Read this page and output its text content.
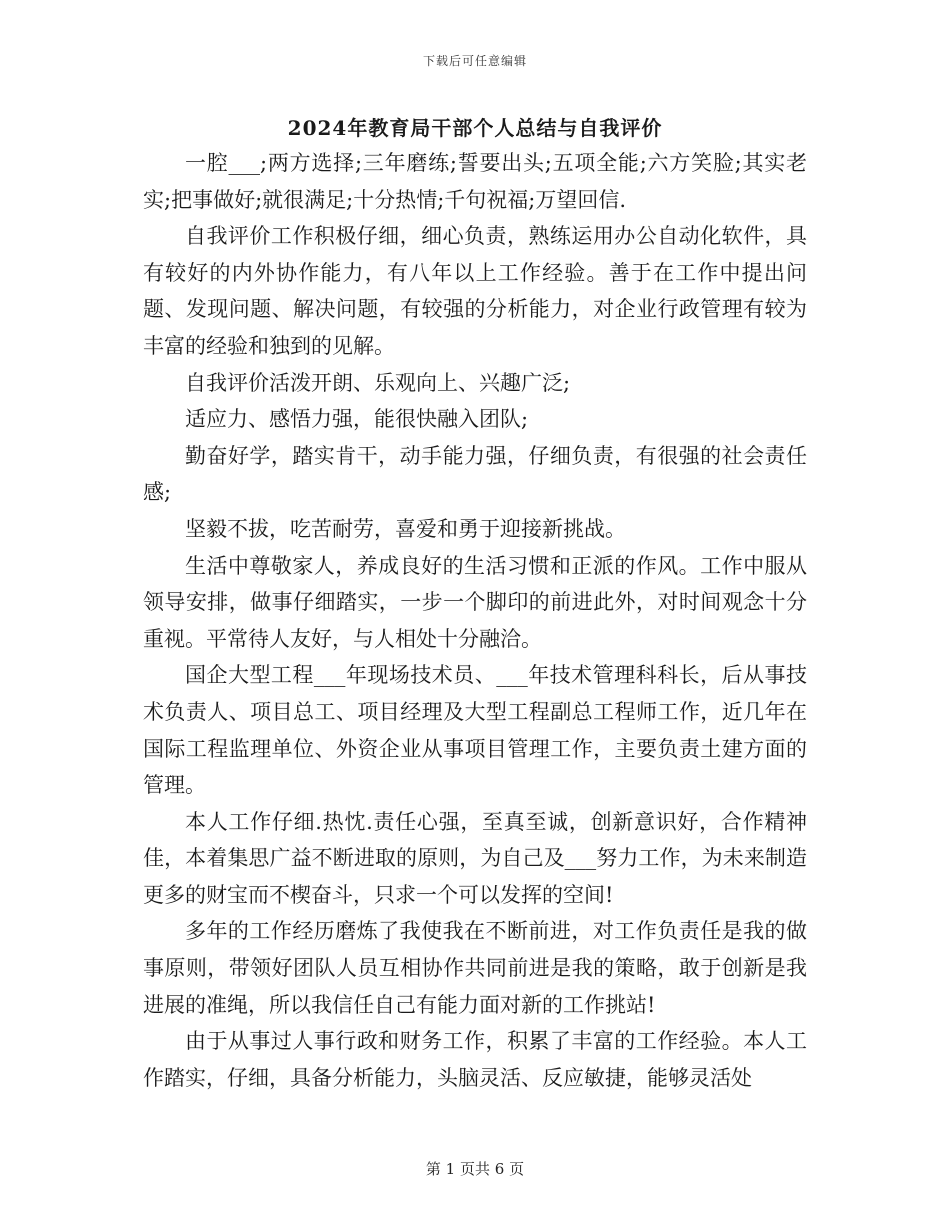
下载后可任意编辑
2024年教育局干部个人总结与自我评价

一腔___;两方选择;三年磨练;誓要出头;五项全能;六方笑脸;其实老实;把事做好;就很满足;十分热情;千句祝福;万望回信.

自我评价工作积极仔细，细心负责，熟练运用办公自动化软件，具有较好的内外协作能力，有八年以上工作经验。善于在工作中提出问题、发现问题、解决问题，有较强的分析能力，对企业行政管理有较为丰富的经验和独到的见解。

自我评价活泼开朗、乐观向上、兴趣广泛;

适应力、感悟力强，能很快融入团队;

勤奋好学，踏实肯干，动手能力强，仔细负责，有很强的社会责任感;

坚毅不拔，吃苦耐劳，喜爱和勇于迎接新挑战。

生活中尊敬家人，养成良好的生活习惯和正派的作风。工作中服从领导安排，做事仔细踏实，一步一个脚印的前进此外，对时间观念十分重视。平常待人友好，与人相处十分融洽。

国企大型工程___年现场技术员、___年技术管理科科长，后从事技术负责人、项目总工、项目经理及大型工程副总工程师工作，近几年在国际工程监理单位、外资企业从事项目管理工作，主要负责土建方面的管理。

本人工作仔细.热忱.责任心强，至真至诚，创新意识好，合作精神佳，本着集思广益不断进取的原则，为自己及___努力工作，为未来制造更多的财宝而不楔奋斗，只求一个可以发挥的空间!

多年的工作经历磨炼了我使我在不断前进，对工作负责任是我的做事原则，带领好团队人员互相协作共同前进是我的策略，敢于创新是我进展的准绳，所以我信任自己有能力面对新的工作挑站!

由于从事过人事行政和财务工作，积累了丰富的工作经验。本人工作踏实，仔细，具备分析能力，头脑灵活、反应敏捷，能够灵活处

第 1 页共 6 页
